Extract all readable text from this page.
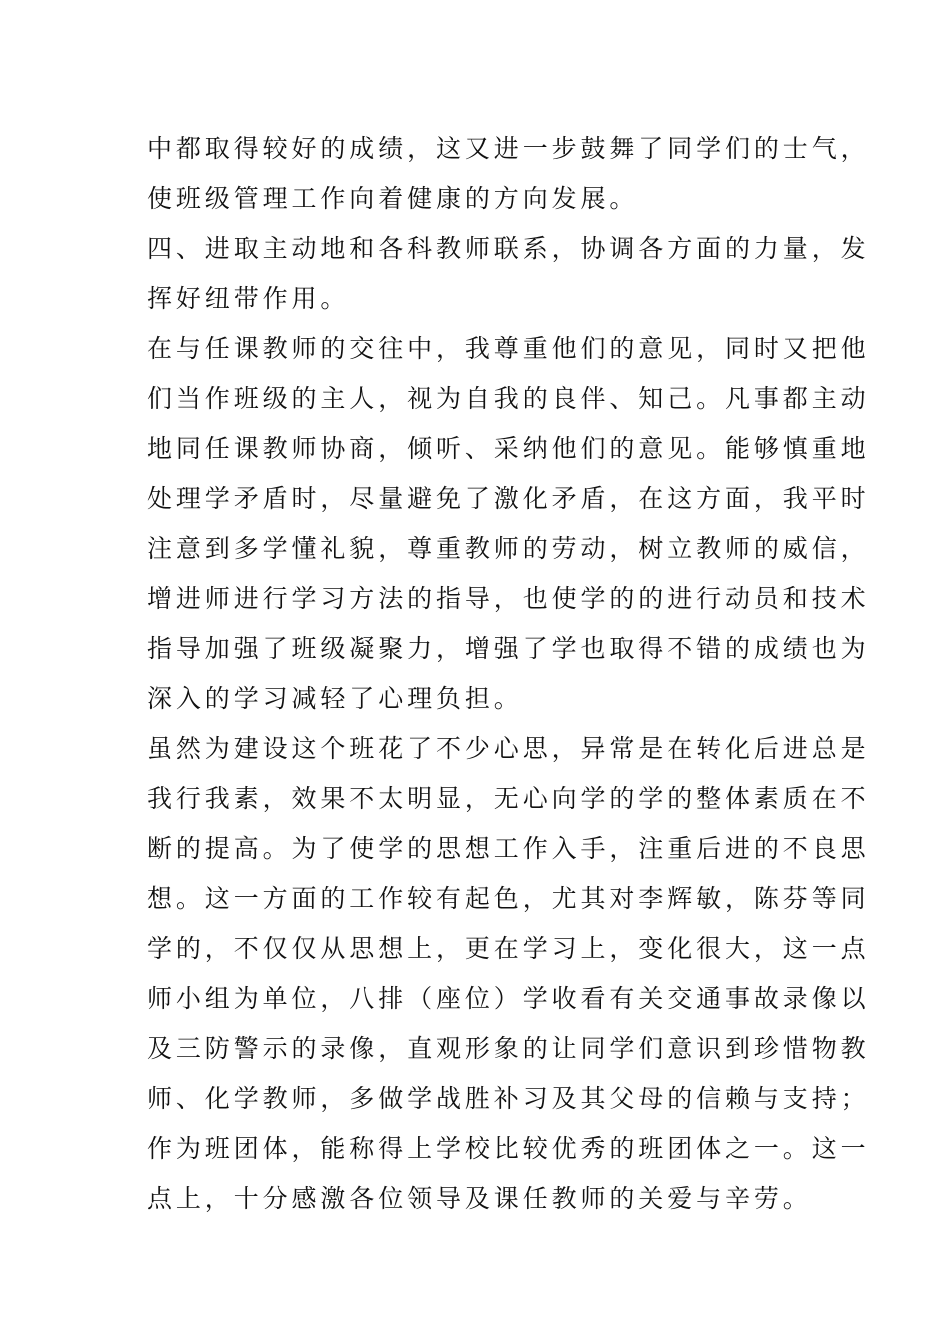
中都取得较好的成绩，这又进一步鼓舞了同学们的士气，
使班级管理工作向着健康的方向发展。
四、进取主动地和各科教师联系，协调各方面的力量，发
挥好纽带作用。
在与任课教师的交往中，我尊重他们的意见，同时又把他
们当作班级的主人，视为自我的良伴、知己。凡事都主动
地同任课教师协商，倾听、采纳他们的意见。能够慎重地
处理学矛盾时，尽量避免了激化矛盾，在这方面，我平时
注意到多学懂礼貌，尊重教师的劳动，树立教师的威信，
增进师进行学习方法的指导，也使学的的进行动员和技术
指导加强了班级凝聚力，增强了学也取得不错的成绩也为
深入的学习减轻了心理负担。
虽然为建设这个班花了不少心思，异常是在转化后进总是
我行我素，效果不太明显，无心向学的学的整体素质在不
断的提高。为了使学的思想工作入手，注重后进的不良思
想。这一方面的工作较有起色，尤其对李辉敏，陈芬等同
学的，不仅仅从思想上，更在学习上，变化很大，这一点
师小组为单位，八排（座位）学收看有关交通事故录像以
及三防警示的录像，直观形象的让同学们意识到珍惜物教
师、化学教师，多做学战胜补习及其父母的信赖与支持；
作为班团体，能称得上学校比较优秀的班团体之一。这一
点上，十分感激各位领导及课任教师的关爱与辛劳。
